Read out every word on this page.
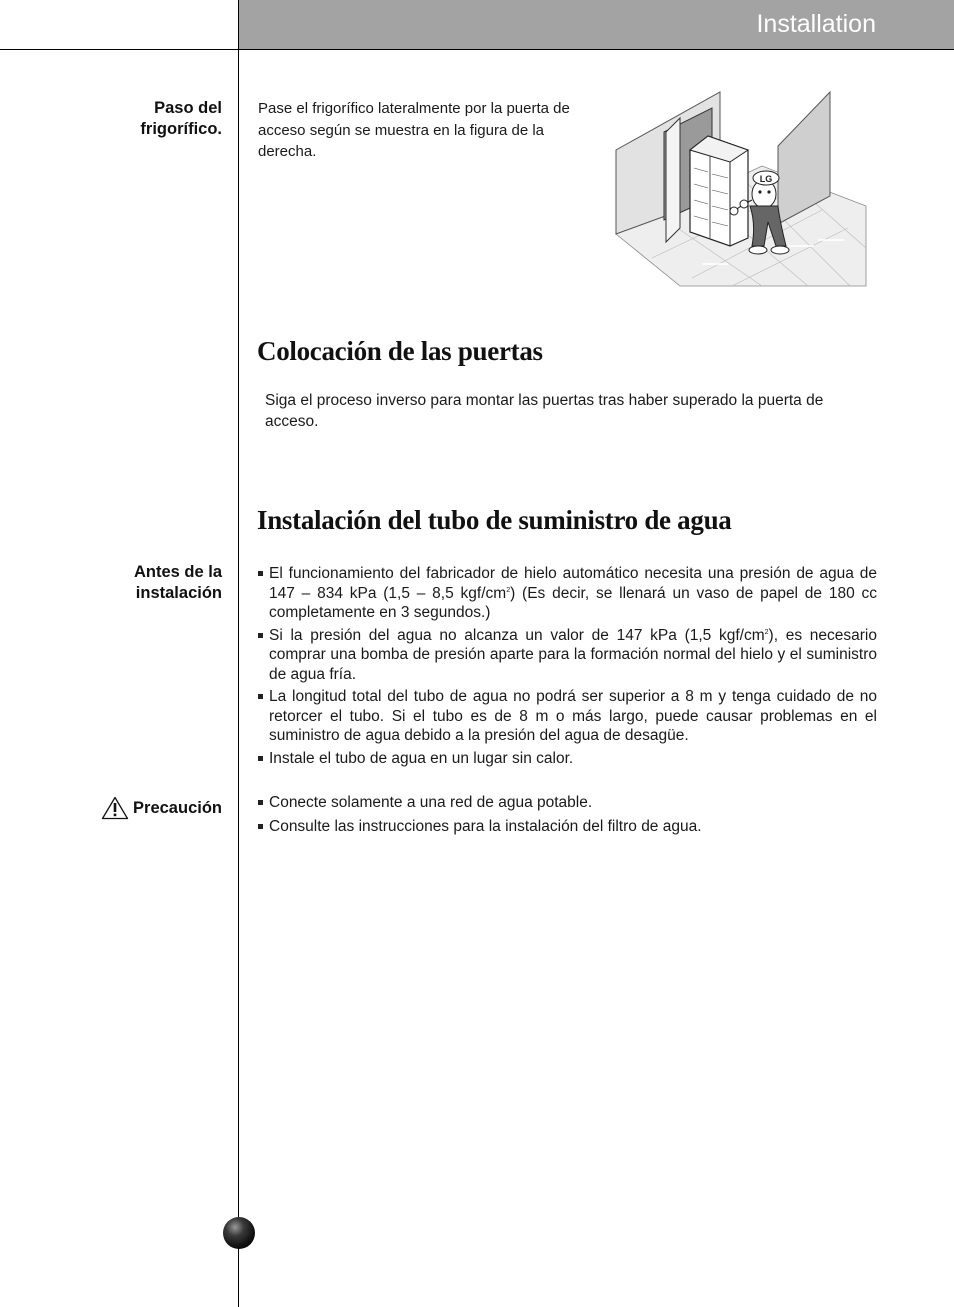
Installation
Paso del
frigorífico.

Pase el frigorífico lateralmente por la puerta de acceso según se muestra en la figura de la derecha.

LG
Colocación de las puertas

Siga el proceso inverso para montar las puertas tras haber superado la puerta de acceso.

Instalación del tubo de suministro de agua
Antes de la
instalación
El funcionamiento del fabricador de hielo automático necesita una presión de agua de 147 – 834 kPa (1,5 – 8,5 kgf/$cm^2$) (Es decir, se llenará un vaso de papel de 180 cc completamente en 3 segundos.)
Si la presión del agua no alcanza un valor de 147 kPa (1,5 kgf/$cm^2$), es necesario comprar una bomba de presión aparte para la formación normal del hielo y el suministro de agua fría.
La longitud total del tubo de agua no podrá ser superior a 8 m y tenga cuidado de no retorcer el tubo. Si el tubo es de 8 m o más largo, puede causar problemas en el suministro de agua debido a la presión del agua de desagüe.
Instale el tubo de agua en un lugar sin calor.
Precaución	Conecte solamente a una red de agua potable.
Consulte las instrucciones para la instalación del filtro de agua.
